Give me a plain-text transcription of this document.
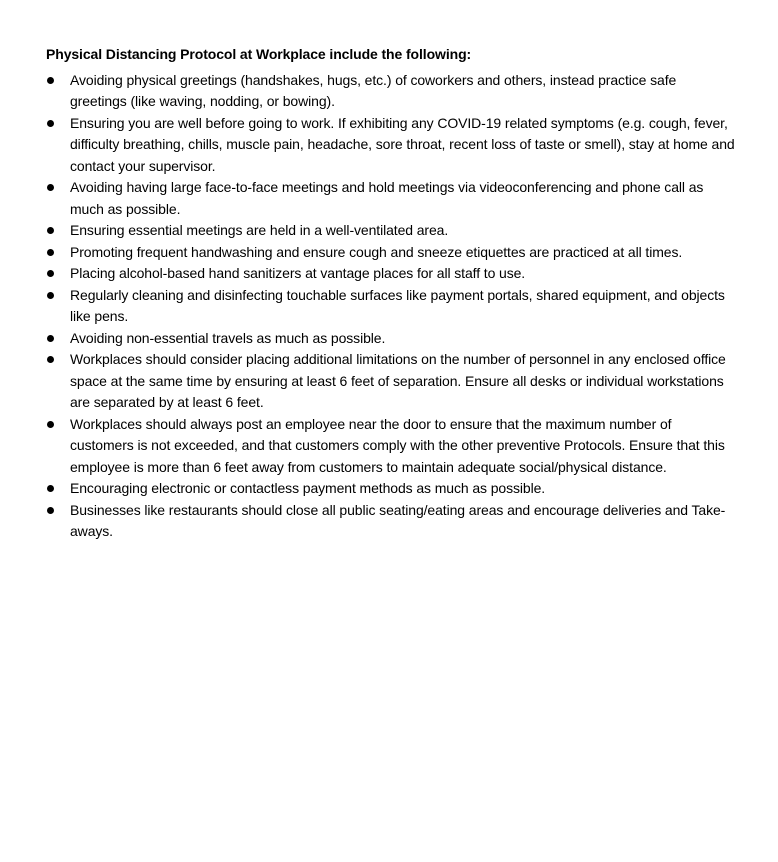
Physical Distancing Protocol at Workplace include the following:
Avoiding physical greetings (handshakes, hugs, etc.) of coworkers and others, instead practice safe greetings (like waving, nodding, or bowing).
Ensuring you are well before going to work. If exhibiting any COVID-19 related symptoms (e.g. cough, fever, difficulty breathing, chills, muscle pain, headache, sore throat, recent loss of taste or smell), stay at home and contact your supervisor.
Avoiding having large face-to-face meetings and hold meetings via videoconferencing and phone call as much as possible.
Ensuring essential meetings are held in a well-ventilated area.
Promoting frequent handwashing and ensure cough and sneeze etiquettes are practiced at all times.
Placing alcohol-based hand sanitizers at vantage places for all staff to use.
Regularly cleaning and disinfecting touchable surfaces like payment portals, shared equipment, and objects like pens.
Avoiding non-essential travels as much as possible.
Workplaces should consider placing additional limitations on the number of personnel in any enclosed office space at the same time by ensuring at least 6 feet of separation. Ensure all desks or individual workstations are separated by at least 6 feet.
Workplaces should always post an employee near the door to ensure that the maximum number of customers is not exceeded, and that customers comply with the other preventive Protocols. Ensure that this employee is more than 6 feet away from customers to maintain adequate social/physical distance.
Encouraging electronic or contactless payment methods as much as possible.
Businesses like restaurants should close all public seating/eating areas and encourage deliveries and Take-aways.
